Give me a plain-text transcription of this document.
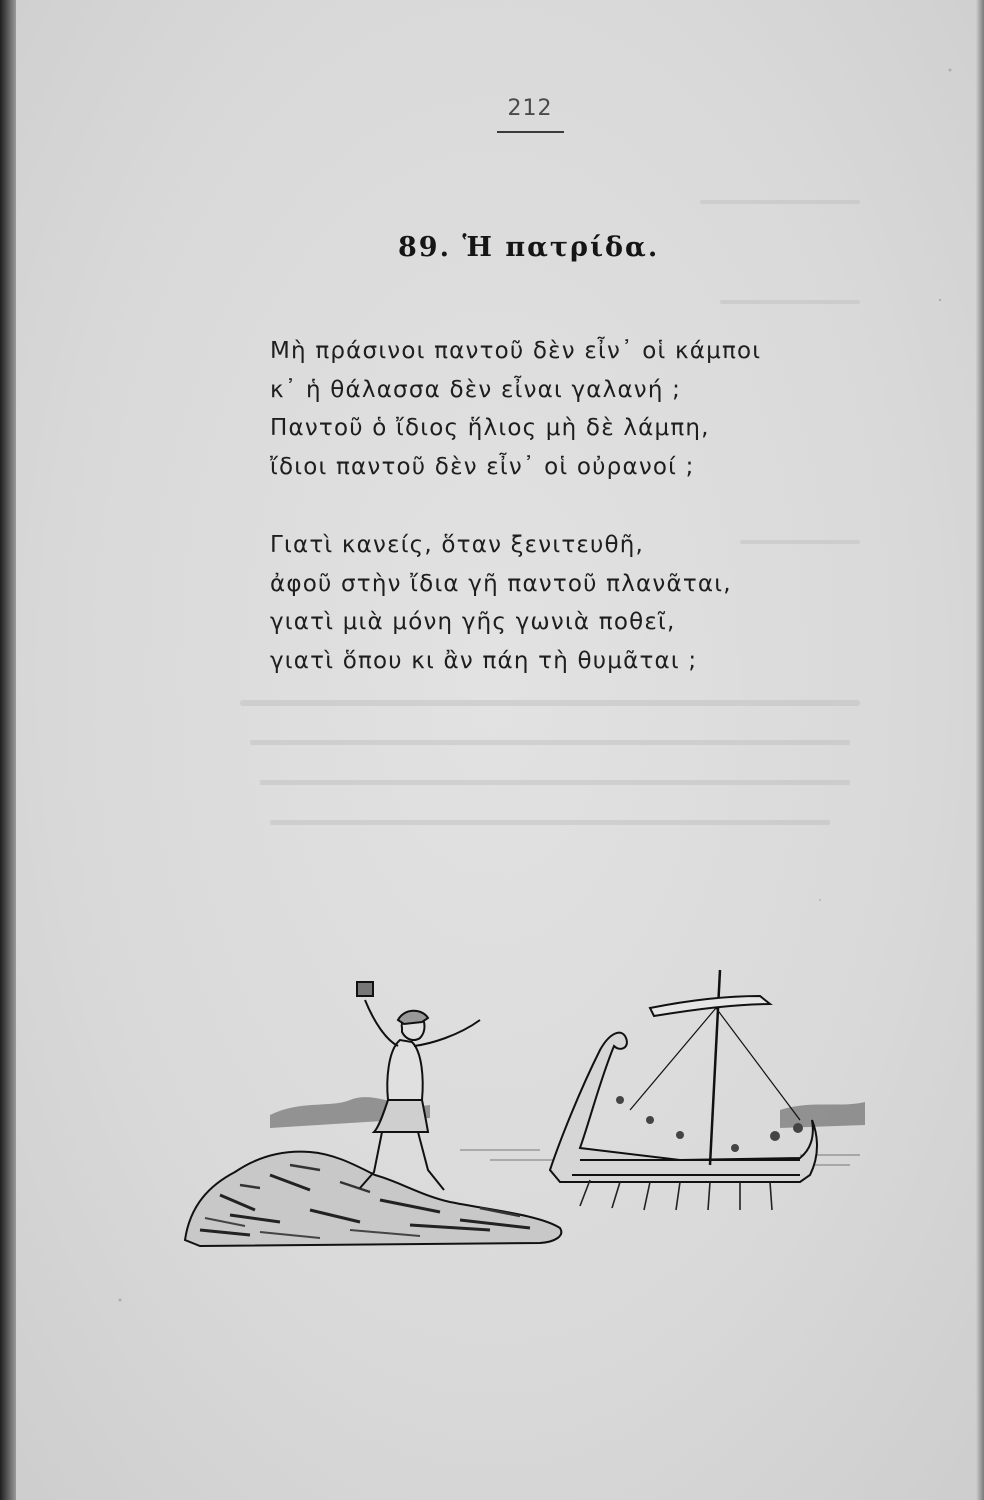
212
89. Ἡ πατρίδα.
Μὴ πράσινοι παντοῦ δὲν εἶν᾽ οἱ κάμποι
κ᾽ ἡ θάλασσα δὲν εἶναι γαλανή ;
Παντοῦ ὁ ἴδιος ἥλιος μὴ δὲ λάμπη,
ἴδιοι παντοῦ δὲν εἶν᾽ οἱ οὐρανοί ;
Γιατὶ κανείς, ὅταν ξενιτευθῆ,
ἀφοῦ στὴν ἴδια γῆ παντοῦ πλανᾶται,
γιατὶ μιὰ μόνη γῆς γωνιὰ ποθεῖ,
γιατὶ ὅπου κι ἂν πάη τὴ θυμᾶται ;
